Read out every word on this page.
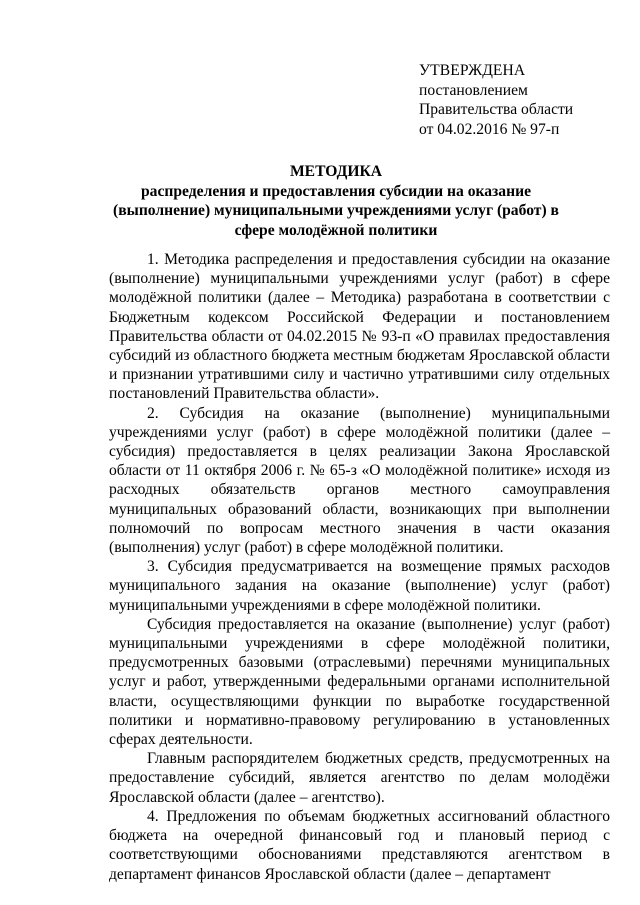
УТВЕРЖДЕНА
постановлением
Правительства области
от 04.02.2016 № 97-п
МЕТОДИКА
распределения и предоставления субсидии на оказание (выполнение) муниципальными учреждениями услуг (работ) в сфере молодёжной политики

1. Методика распределения и предоставления субсидии на оказание (выполнение) муниципальными учреждениями услуг (работ) в сфере молодёжной политики (далее – Методика) разработана в соответствии с Бюджетным кодексом Российской Федерации и постановлением Правительства области от 04.02.2015 № 93-п «О правилах предоставления субсидий из областного бюджета местным бюджетам Ярославской области и признании утратившими силу и частично утратившими силу отдельных постановлений Правительства области».

2. Субсидия на оказание (выполнение) муниципальными учреждениями услуг (работ) в сфере молодёжной политики (далее – субсидия) предоставляется в целях реализации Закона Ярославской области от 11 октября 2006 г. № 65-з «О молодёжной политике» исходя из расходных обязательств органов местного самоуправления муниципальных образований области, возникающих при выполнении полномочий по вопросам местного значения в части оказания (выполнения) услуг (работ) в сфере молодёжной политики.

3. Субсидия предусматривается на возмещение прямых расходов муниципального задания на оказание (выполнение) услуг (работ) муниципальными учреждениями в сфере молодёжной политики.

Субсидия предоставляется на оказание (выполнение) услуг (работ) муниципальными учреждениями в сфере молодёжной политики, предусмотренных базовыми (отраслевыми) перечнями муниципальных услуг и работ, утвержденными федеральными органами исполнительной власти, осуществляющими функции по выработке государственной политики и нормативно-правовому регулированию в установленных сферах деятельности.

Главным распорядителем бюджетных средств, предусмотренных на предоставление субсидий, является агентство по делам молодёжи Ярославской области (далее – агентство).

4. Предложения по объемам бюджетных ассигнований областного бюджета на очередной финансовый год и плановый период с соответствующими обоснованиями представляются агентством в департамент финансов Ярославской области (далее – департамент
